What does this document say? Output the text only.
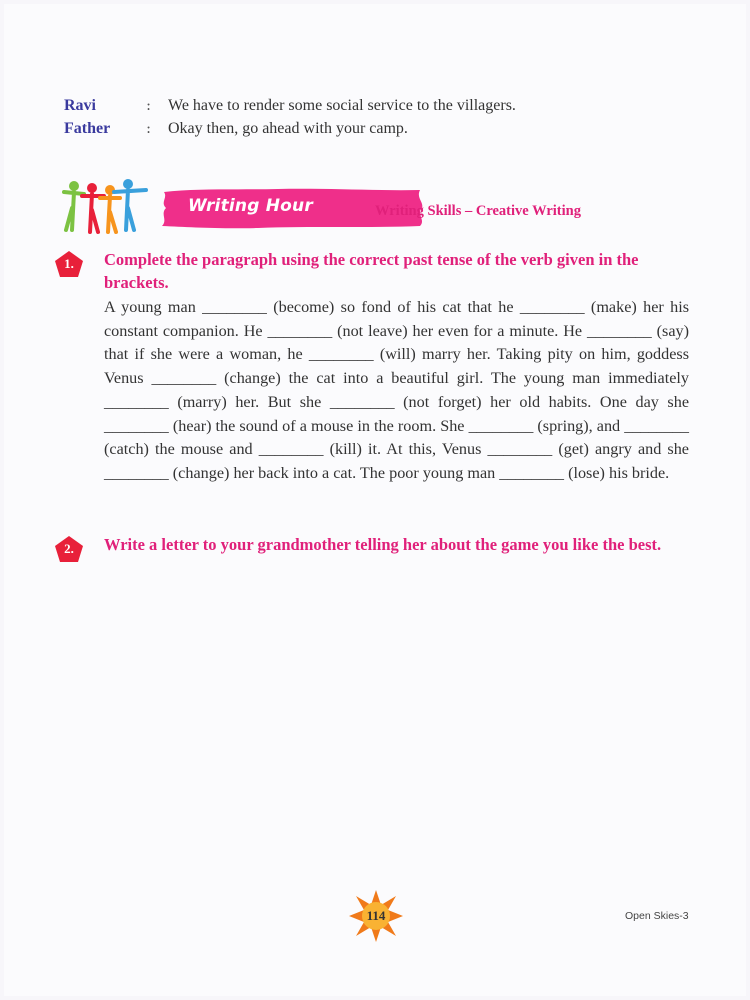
Ravi	:	We have to render some social service to the villagers.
Father	:	Okay then, go ahead with your camp.
Writing Hour	Writing Skills – Creative Writing
1.	Complete the paragraph using the correct past tense of the verb given in the brackets.
A young man ________ (become) so fond of his cat that he ________ (make) her his constant companion. He ________ (not leave) her even for a minute. He ________ (say) that if she were a woman, he ________ (will) marry her. Taking pity on him, goddess Venus ________ (change) the cat into a beautiful girl. The young man immediately ________ (marry) her. But she ________ (not forget) her old habits. One day she ________ (hear) the sound of a mouse in the room. She ________ (spring), and ________ (catch) the mouse and ________ (kill) it. At this, Venus ________ (get) angry and she ________ (change) her back into a cat. The poor young man ________ (lose) his bride.
2.	Write a letter to your grandmother telling her about the game you like the best.
114	Open Skies-3
